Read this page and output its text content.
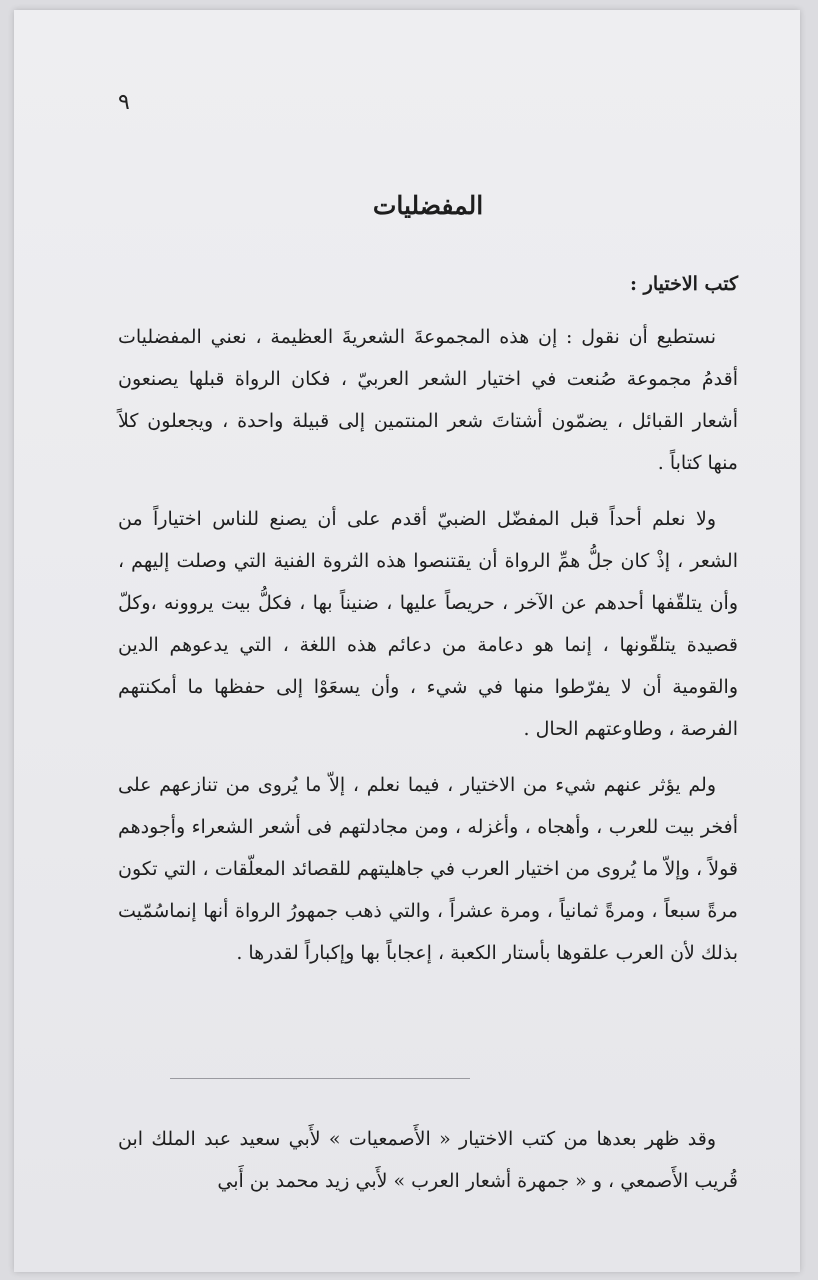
٩
المفضليات
كتب الاختيار :

نستطيع أن نقول : إن هذه المجموعةَ الشعريةَ العظيمة ، نعني المفضليات أقدمُ مجموعة صُنعت في اختيار الشعر العربيّ ، فكان الرواة قبلها يصنعون أشعار القبائل ، يضمّون أشتاتَ شعر المنتمين إلى قبيلة واحدة ، ويجعلون كلاً منها كتاباً .

ولا نعلم أحداً قبل المفضّل الضبيّ أقدم على أن يصنع للناس اختياراً من الشعر ، إذْ كان جلُّ همِّ الرواة أن يقتنصوا هذه الثروة الفنية التي وصلت إليهم ، وأن يتلقّفها أحدهم عن الآخر ، حريصاً عليها ، ضنيناً بها ، فكلُّ بيت يروونه ،وكلّ قصيدة يتلقّونها ، إنما هو دعامة من دعائم هذه اللغة ، التي يدعوهم الدين والقومية أن لا يفرّطوا منها في شيء ، وأن يسعَوْا إلى حفظها ما أمكنتهم الفرصة ، وطاوعتهم الحال .

ولم يؤثر عنهم شيء من الاختيار ، فيما نعلم ، إلاّ ما يُروى من تنازعهم على أفخر بيت للعرب ، وأهجاه ، وأغزله ، ومن مجادلتهم فى أشعر الشعراء وأجودهم قولاً ، وإلاّ ما يُروى من اختيار العرب في جاهليتهم للقصائد المعلّقات ، التي تكون مرةً سبعاً ، ومرةً ثمانياً ، ومرة عشراً ، والتي ذهب جمهورُ الرواة أنها إنماسُمّيت بذلك لأن العرب علقوها بأستار الكعبة ، إعجاباً بها وإكباراً لقدرها .

وقد ظهر بعدها من كتب الاختيار « الأَصمعيات » لأَبي سعيد عبد الملك ابن قُريب الأَصمعي ، و « جمهرة أشعار العرب » لأَبي زيد محمد بن أَبي
